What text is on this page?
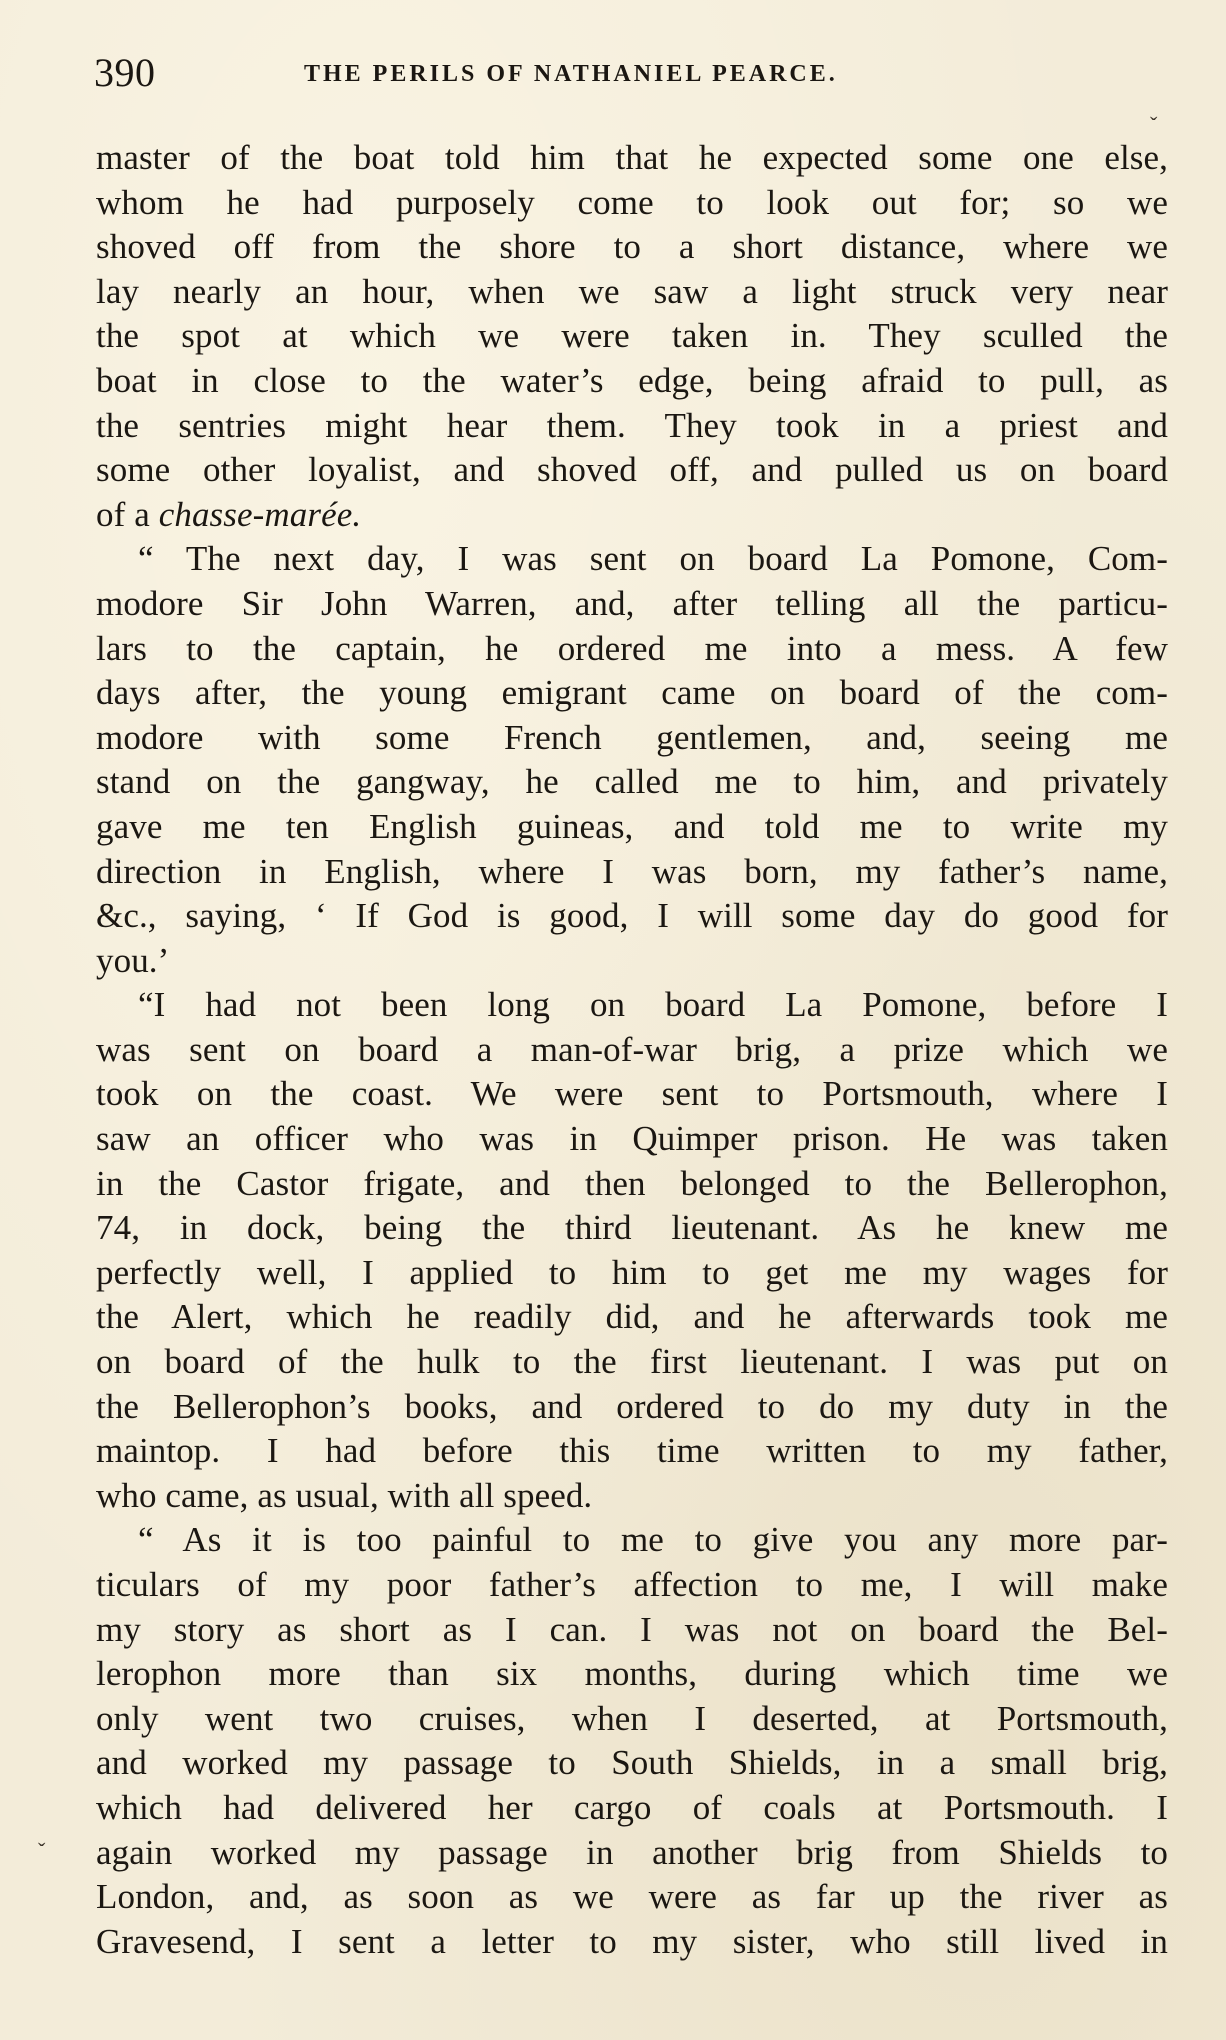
390	THE PERILS OF NATHANIEL PEARCE.
master of the boat told him that he expected some one else,
whom he had purposely come to look out for; so we
shoved off from the shore to a short distance, where we
lay nearly an hour, when we saw a light struck very near
the spot at which we were taken in. They sculled the
boat in close to the water’s edge, being afraid to pull, as
the sentries might hear them. They took in a priest and
some other loyalist, and shoved off, and pulled us on board
of a chasse-marée.
“ The next day, I was sent on board La Pomone, Com-
modore Sir John Warren, and, after telling all the particu-
lars to the captain, he ordered me into a mess. A few
days after, the young emigrant came on board of the com-
modore with some French gentlemen, and, seeing me
stand on the gangway, he called me to him, and privately
gave me ten English guineas, and told me to write my
direction in English, where I was born, my father’s name,
&c., saying, ‘ If God is good, I will some day do good for
you.’
“I had not been long on board La Pomone, before I
was sent on board a man-of-war brig, a prize which we
took on the coast. We were sent to Portsmouth, where I
saw an officer who was in Quimper prison. He was taken
in the Castor frigate, and then belonged to the Bellerophon,
74, in dock, being the third lieutenant. As he knew me
perfectly well, I applied to him to get me my wages for
the Alert, which he readily did, and he afterwards took me
on board of the hulk to the first lieutenant. I was put on
the Bellerophon’s books, and ordered to do my duty in the
maintop. I had before this time written to my father,
who came, as usual, with all speed.
“ As it is too painful to me to give you any more par-
ticulars of my poor father’s affection to me, I will make
my story as short as I can. I was not on board the Bel-
lerophon more than six months, during which time we
only went two cruises, when I deserted, at Portsmouth,
and worked my passage to South Shields, in a small brig,
which had delivered her cargo of coals at Portsmouth. I
again worked my passage in another brig from Shields to
London, and, as soon as we were as far up the river as
Gravesend, I sent a letter to my sister, who still lived in
ˇ
ˇ
